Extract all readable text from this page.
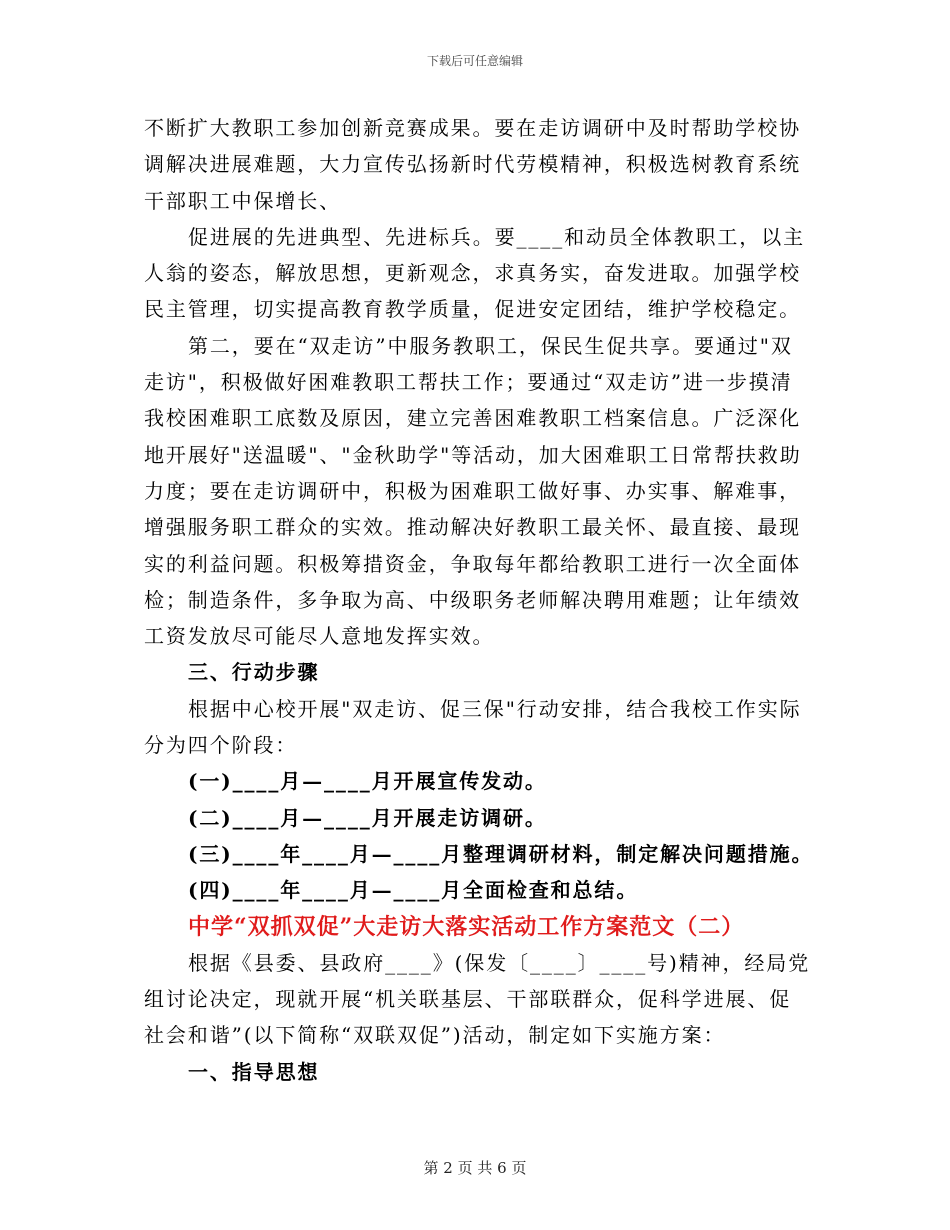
下载后可任意编辑
不断扩大教职工参加创新竞赛成果。要在走访调研中及时帮助学校协
调解决进展难题，大力宣传弘扬新时代劳模精神，积极选树教育系统
干部职工中保增长、
促进展的先进典型、先进标兵。要____和动员全体教职工，以主
人翁的姿态，解放思想，更新观念，求真务实，奋发进取。加强学校
民主管理，切实提高教育教学质量，促进安定团结，维护学校稳定。
第二，要在“双走访”中服务教职工，保民生促共享。要通过"双
走访"，积极做好困难教职工帮扶工作；要通过“双走访”进一步摸清
我校困难职工底数及原因，建立完善困难教职工档案信息。广泛深化
地开展好"送温暖"、"金秋助学"等活动，加大困难职工日常帮扶救助
力度；要在走访调研中，积极为困难职工做好事、办实事、解难事，
增强服务职工群众的实效。推动解决好教职工最关怀、最直接、最现
实的利益问题。积极筹措资金，争取每年都给教职工进行一次全面体
检；制造条件，多争取为高、中级职务老师解决聘用难题；让年绩效
工资发放尽可能尽人意地发挥实效。
三、行动步骤
根据中心校开展"双走访、促三保"行动安排，结合我校工作实际
分为四个阶段：
(一)____月—____月开展宣传发动。
(二)____月—____月开展走访调研。
(三)____年____月—____月整理调研材料，制定解决问题措施。
(四)____年____月—____月全面检查和总结。
中学“双抓双促”大走访大落实活动工作方案范文（二）
根据《县委、县政府____》(保发〔____〕____号)精神，经局党
组讨论决定，现就开展“机关联基层、干部联群众，促科学进展、促
社会和谐”(以下简称“双联双促”)活动，制定如下实施方案：
一、指导思想
第 2 页 共 6 页
